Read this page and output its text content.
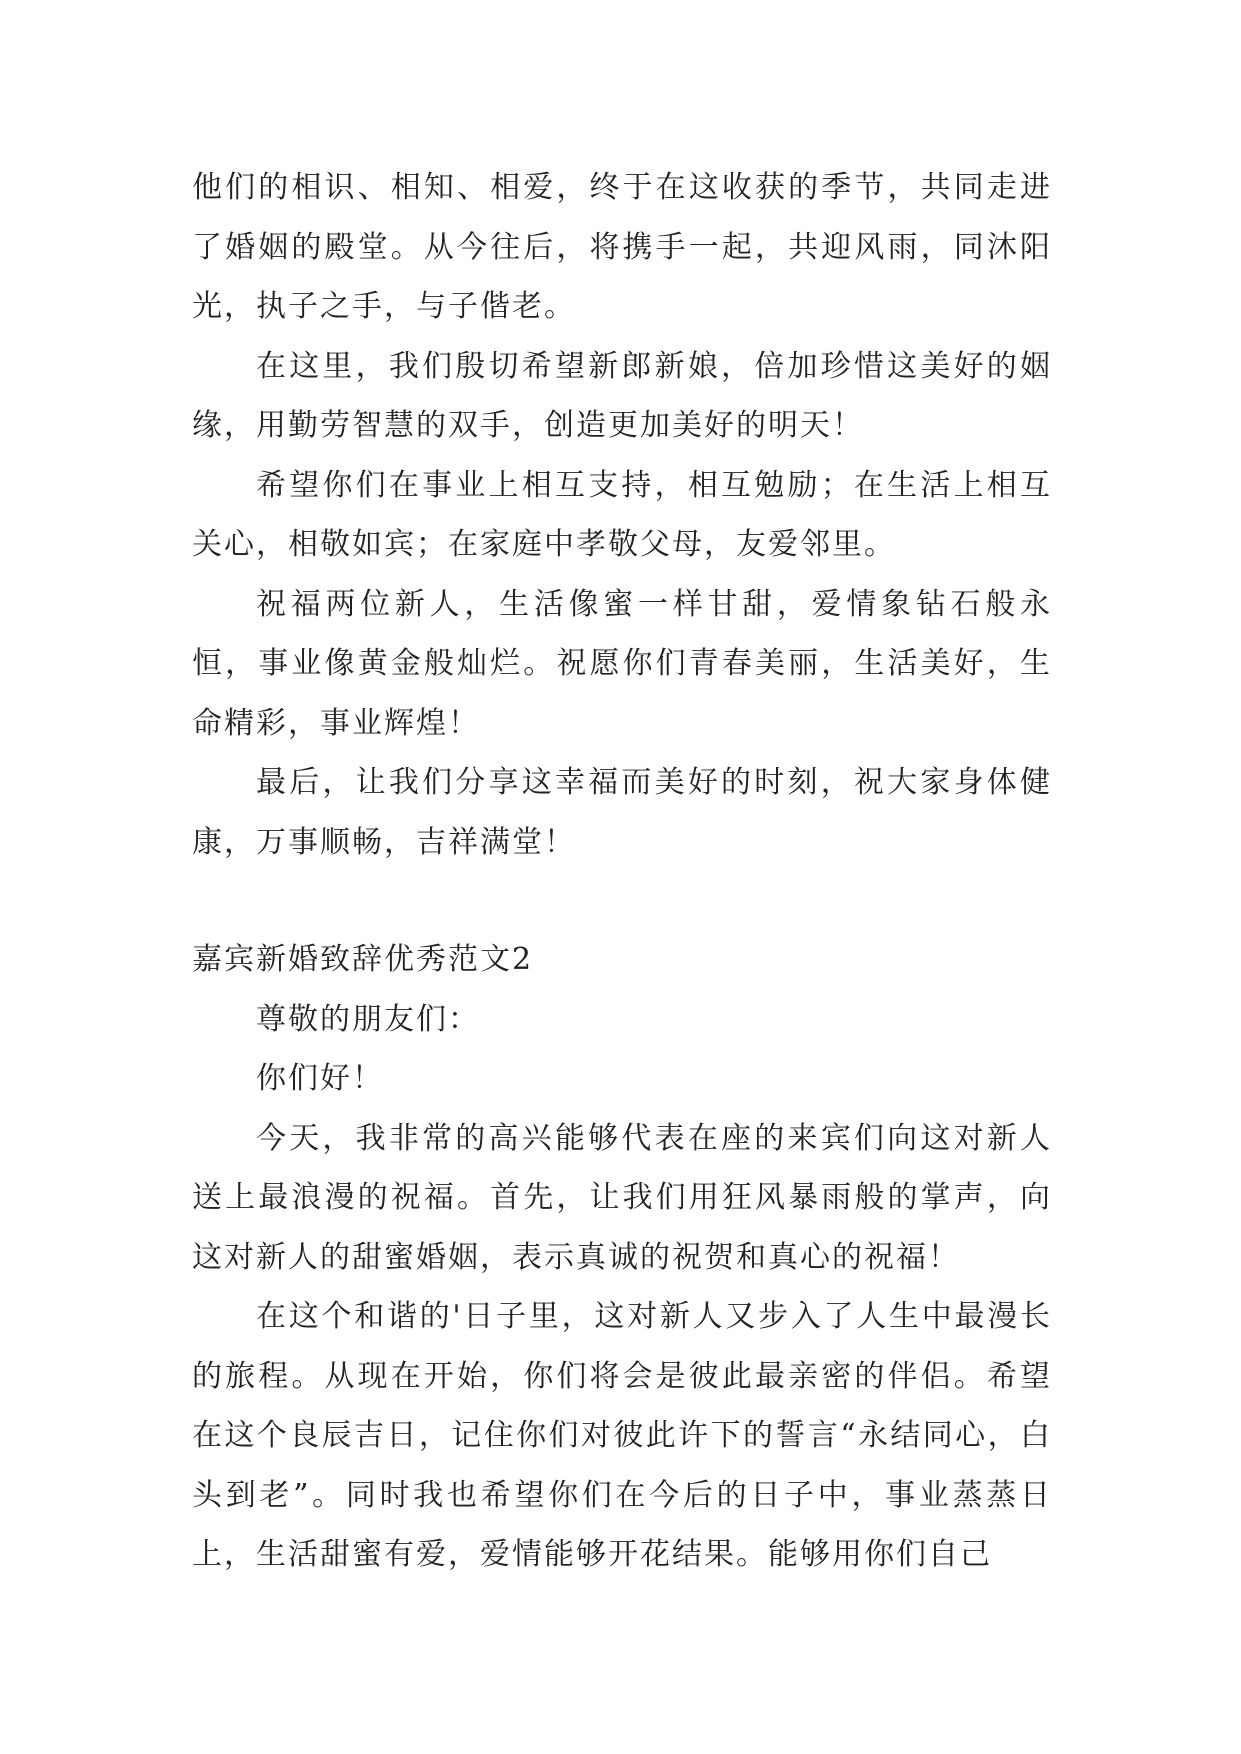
他们的相识、相知、相爱，终于在这收获的季节，共同走进了婚姻的殿堂。从今往后，将携手一起，共迎风雨，同沐阳光，执子之手，与子偕老。

在这里，我们殷切希望新郎新娘，倍加珍惜这美好的姻缘，用勤劳智慧的双手，创造更加美好的明天！

希望你们在事业上相互支持，相互勉励；在生活上相互关心，相敬如宾；在家庭中孝敬父母，友爱邻里。

祝福两位新人，生活像蜜一样甘甜，爱情象钻石般永恒，事业像黄金般灿烂。祝愿你们青春美丽，生活美好，生命精彩，事业辉煌！

最后，让我们分享这幸福而美好的时刻，祝大家身体健康，万事顺畅，吉祥满堂！

嘉宾新婚致辞优秀范文2

尊敬的朋友们：

你们好！

今天，我非常的高兴能够代表在座的来宾们向这对新人送上最浪漫的祝福。首先，让我们用狂风暴雨般的掌声，向这对新人的甜蜜婚姻，表示真诚的祝贺和真心的祝福！

在这个和谐的'日子里，这对新人又步入了人生中最漫长的旅程。从现在开始，你们将会是彼此最亲密的伴侣。希望在这个良辰吉日，记住你们对彼此许下的誓言“永结同心，白头到老”。同时我也希望你们在今后的日子中，事业蒸蒸日上，生活甜蜜有爱，爱情能够开花结果。能够用你们自己
